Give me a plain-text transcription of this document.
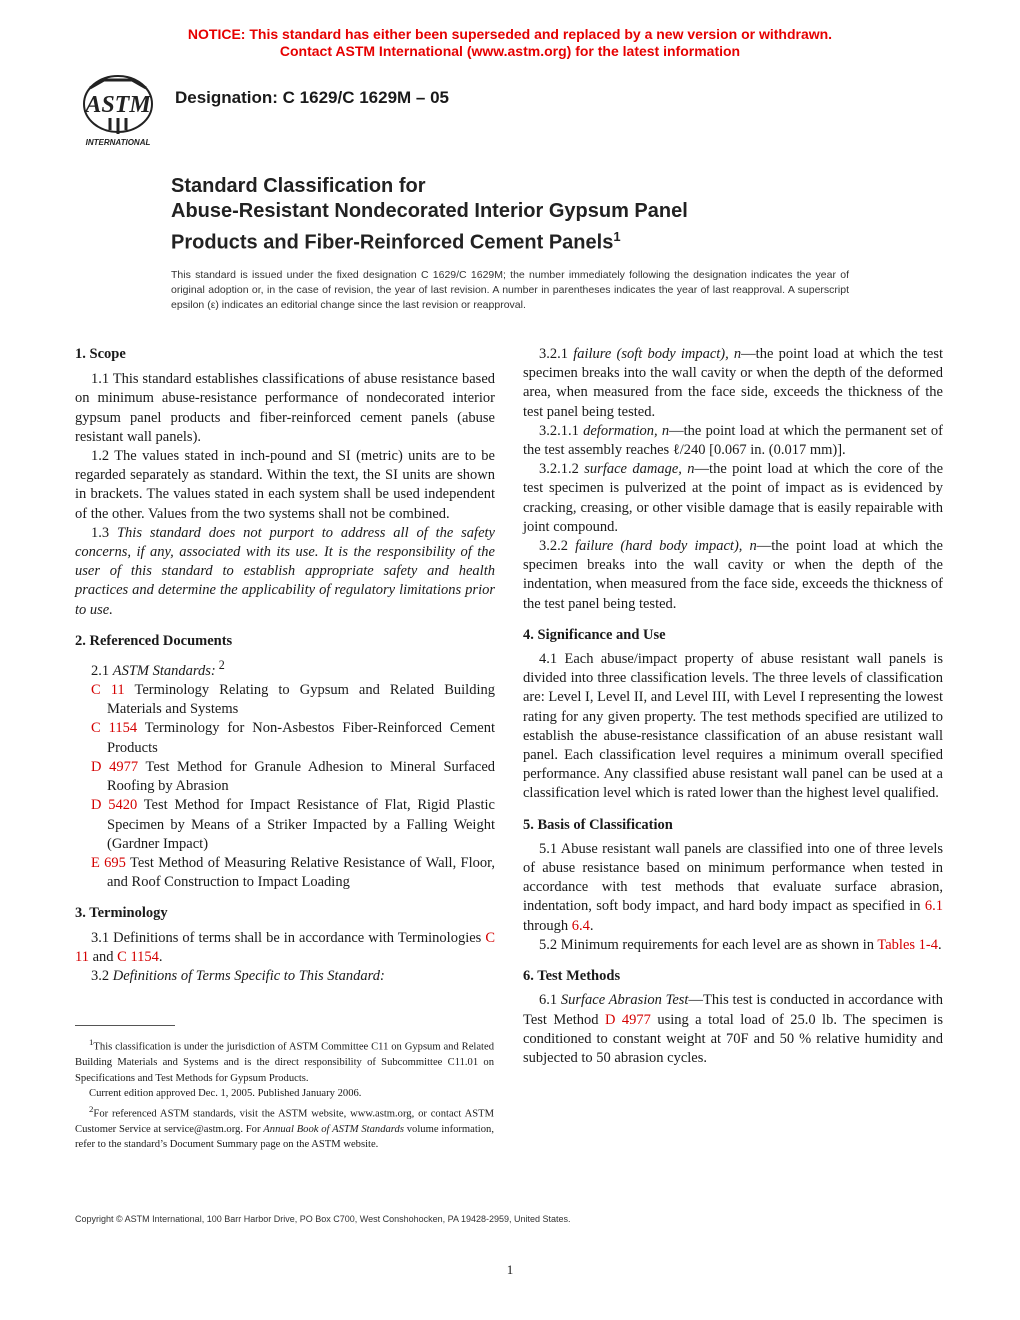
NOTICE: This standard has either been superseded and replaced by a new version or withdrawn.
Contact ASTM International (www.astm.org) for the latest information
ASTM
INTERNATIONAL
Designation: C 1629/C 1629M – 05
Standard Classification for
Abuse-Resistant Nondecorated Interior Gypsum Panel
Products and Fiber-Reinforced Cement Panels$^1$
This standard is issued under the fixed designation C 1629/C 1629M; the number immediately following the designation indicates the year of original adoption or, in the case of revision, the year of last revision. A number in parentheses indicates the year of last reapproval. A superscript epsilon (ε) indicates an editorial change since the last revision or reapproval.
1. Scope

1.1 This standard establishes classifications of abuse resistance based on minimum abuse-resistance performance of nondecorated interior gypsum panel products and fiber-reinforced cement panels (abuse resistant wall panels).

1.2 The values stated in inch-pound and SI (metric) units are to be regarded separately as standard. Within the text, the SI units are shown in brackets. The values stated in each system shall be used independent of the other. Values from the two systems shall not be combined.

1.3 This standard does not purport to address all of the safety concerns, if any, associated with its use. It is the responsibility of the user of this standard to establish appropriate safety and health practices and determine the applicability of regulatory limitations prior to use.

2. Referenced Documents

2.1 ASTM Standards: $^2$

C 11 Terminology Relating to Gypsum and Related Building Materials and Systems

C 1154 Terminology for Non-Asbestos Fiber-Reinforced Cement Products

D 4977 Test Method for Granule Adhesion to Mineral Surfaced Roofing by Abrasion

D 5420 Test Method for Impact Resistance of Flat, Rigid Plastic Specimen by Means of a Striker Impacted by a Falling Weight (Gardner Impact)

E 695 Test Method of Measuring Relative Resistance of Wall, Floor, and Roof Construction to Impact Loading

3. Terminology

3.1 Definitions of terms shall be in accordance with Terminologies C 11 and C 1154.

3.2 Definitions of Terms Specific to This Standard:

$^1$This classification is under the jurisdiction of ASTM Committee C11 on Gypsum and Related Building Materials and Systems and is the direct responsibility of Subcommittee C11.01 on Specifications and Test Methods for Gypsum Products.

Current edition approved Dec. 1, 2005. Published January 2006.

$^2$For referenced ASTM standards, visit the ASTM website, www.astm.org, or contact ASTM Customer Service at service@astm.org. For Annual Book of ASTM Standards volume information, refer to the standard’s Document Summary page on the ASTM website.

3.2.1 failure (soft body impact), n—the point load at which the test specimen breaks into the wall cavity or when the depth of the deformed area, when measured from the face side, exceeds the thickness of the test panel being tested.

3.2.1.1 deformation, n—the point load at which the permanent set of the test assembly reaches ℓ/240 [0.067 in. (0.017 mm)].

3.2.1.2 surface damage, n—the point load at which the core of the test specimen is pulverized at the point of impact as is evidenced by cracking, creasing, or other visible damage that is easily repairable with joint compound.

3.2.2 failure (hard body impact), n—the point load at which the specimen breaks into the wall cavity or when the depth of the indentation, when measured from the face side, exceeds the thickness of the test panel being tested.

4. Significance and Use

4.1 Each abuse/impact property of abuse resistant wall panels is divided into three classification levels. The three levels of classification are: Level I, Level II, and Level III, with Level I representing the lowest rating for any given property. The test methods specified are utilized to establish the abuse-resistance classification of an abuse resistant wall panel. Each classification level requires a minimum overall specified performance. Any classified abuse resistant wall panel can be used at a classification level which is rated lower than the highest level qualified.

5. Basis of Classification

5.1 Abuse resistant wall panels are classified into one of three levels of abuse resistance based on minimum performance when tested in accordance with test methods that evaluate surface abrasion, indentation, soft body impact, and hard body impact as specified in 6.1 through 6.4.

5.2 Minimum requirements for each level are as shown in Tables 1-4.

6. Test Methods

6.1 Surface Abrasion Test—This test is conducted in accordance with Test Method D 4977 using a total load of 25.0 lb. The specimen is conditioned to constant weight at 70F and 50 % relative humidity and subjected to 50 abrasion cycles.

Copyright © ASTM International, 100 Barr Harbor Drive, PO Box C700, West Conshohocken, PA 19428-2959, United States.
1
